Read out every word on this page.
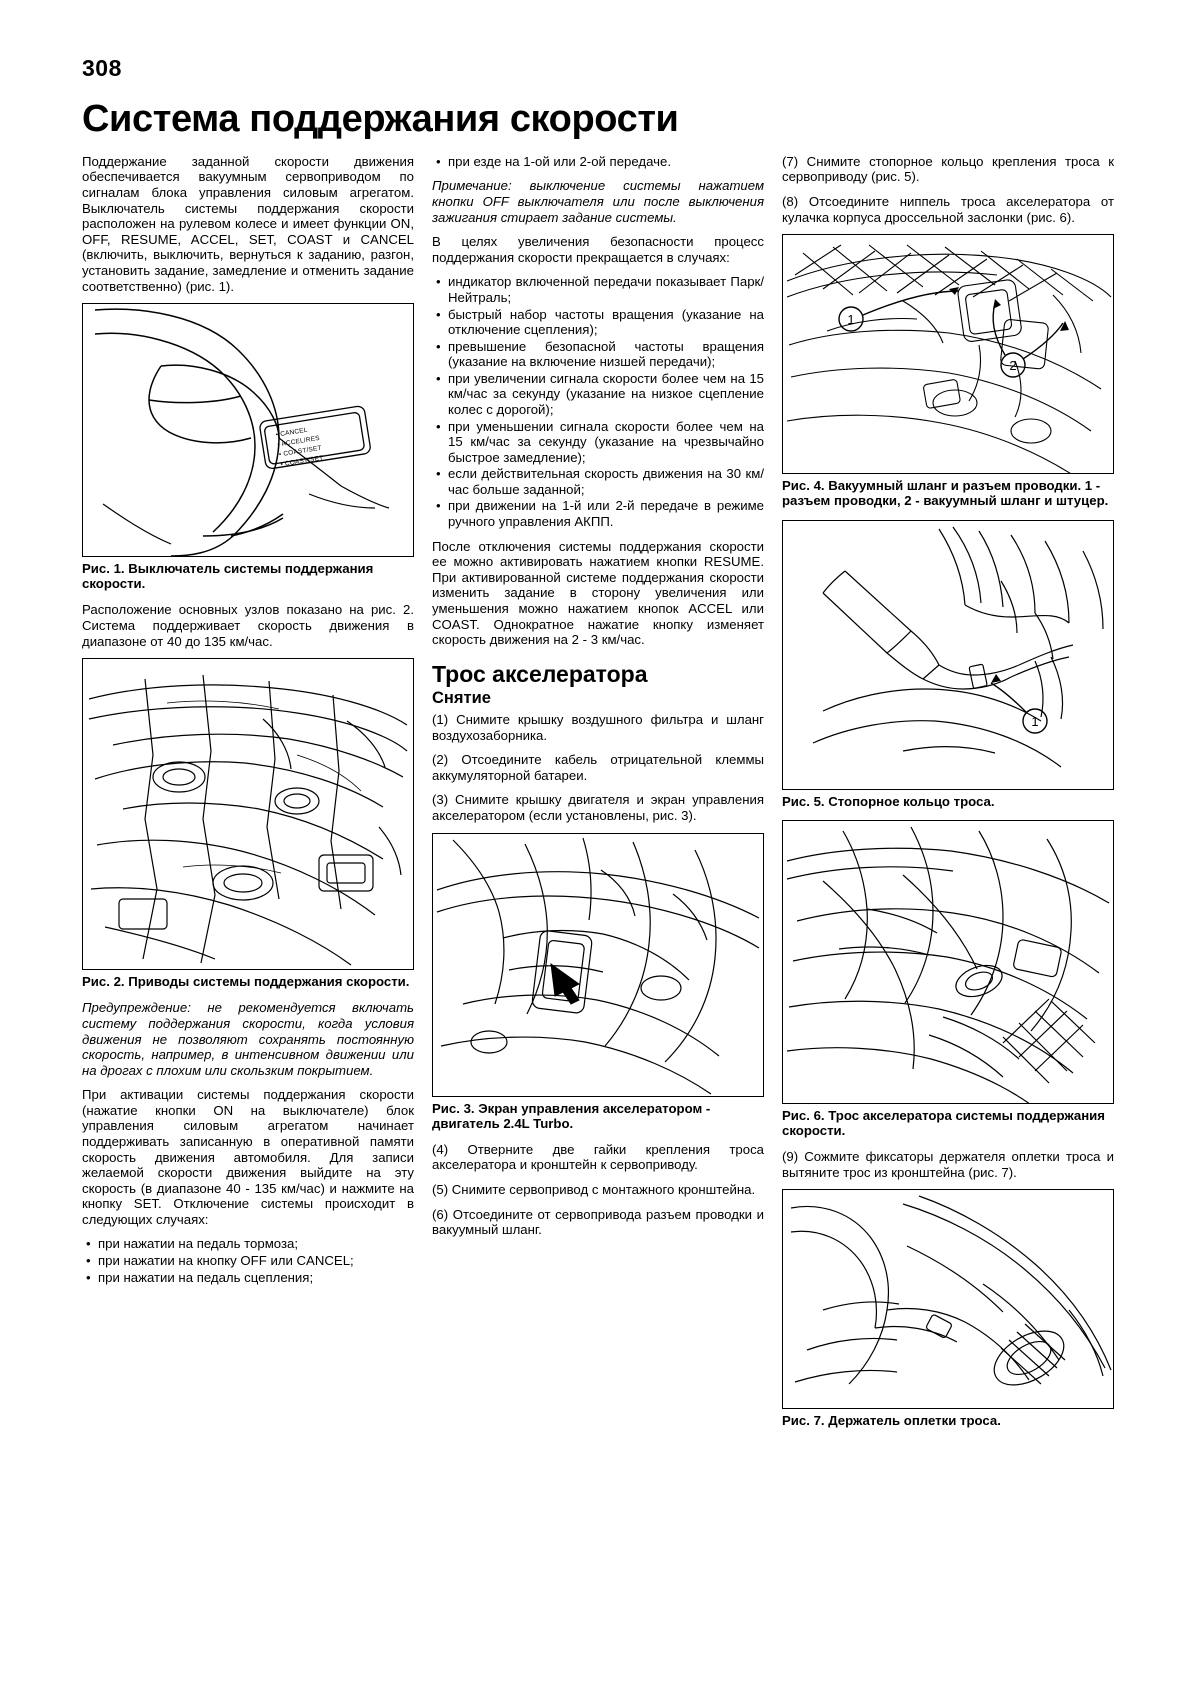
308
Система поддержания скорости

Поддержание заданной скорости движения обеспечивается вакуумным сервоприводом по сигналам блока управления силовым агрегатом. Выключатель системы поддержания скорости расположен на рулевом колесе и имеет функции ON, OFF, RESUME, ACCEL, SET, COAST и CANCEL (включить, выключить, вернуться к заданию, разгон, установить задание, замедление и отменить задание соответственно) (рис. 1).

• CANCEL
• ACCEL/RES
• COAST/SET
• COAST/SET
Рис. 1. Выключатель системы поддержания скорости.

Расположение основных узлов показано на рис. 2. Система поддерживает скорость движения в диапазоне от 40 до 135 км/час.

Рис. 2. Приводы системы поддержания скорости.

Предупреждение: не рекомендуется включать систему поддержания скорости, когда условия движения не позволяют сохранять постоянную скорость, например, в интенсивном движении или на дрогах с плохим или скользким покрытием.

При активации системы поддержания скорости (нажатие кнопки ON на выключателе) блок управления силовым агрегатом начинает поддерживать записанную в оперативной памяти скорость движения автомобиля. Для записи желаемой скорости движения выйдите на эту скорость (в диапазоне 40 - 135 км/час) и нажмите на кнопку SET. Отключение системы происходит в следующих случаях:

• при нажатии на педаль тормоза;
• при нажатии на кнопку OFF или CANCEL;
• при нажатии на педаль сцепления;
• при езде на 1-ой или 2-ой передаче.

Примечание: выключение системы нажатием кнопки OFF выключателя или после выключения зажигания стирает задание системы.

В целях увеличения безопасности процесс поддержания скорости прекращается в случаях:

• индикатор включенной передачи показывает Парк/Нейтраль;
• быстрый набор частоты вращения (указание на отключение сцепления);
• превышение безопасной частоты вращения (указание на включение низшей передачи);
• при увеличении сигнала скорости более чем на 15 км/час за секунду (указание на низкое сцепление колес с дорогой);
• при уменьшении сигнала скорости более чем на 15 км/час за секунду (указание на чрезвычайно быстрое замедление);
• если действительная скорость движения на 30 км/час больше заданной;
• при движении на 1-й или 2-й передаче в режиме ручного управления АКПП.

После отключения системы поддержания скорости ее можно активировать нажатием кнопки RESUME. При активированной системе поддержания скорости изменить задание в сторону увеличения или уменьшения можно нажатием кнопок ACCEL или COAST. Однократное нажатие кнопку изменяет скорость движения на 2 - 3 км/час.

Трос акселератора
Снятие

(1) Снимите крышку воздушного фильтра и шланг воздухозаборника.

(2) Отсоедините кабель отрицательной клеммы аккумуляторной батареи.

(3) Снимите крышку двигателя и экран управления акселератором (если установлены, рис. 3).

Рис. 3. Экран управления акселератором - двигатель 2.4L Turbo.

(4) Отверните две гайки крепления троса акселератора и кронштейн к сервоприводу.

(5) Снимите сервопривод с монтажного кронштейна.

(6) Отсоедините от сервопривода разъем проводки и вакуумный шланг.

(7) Снимите стопорное кольцо крепления троса к сервоприводу (рис. 5).

(8) Отсоедините ниппель троса акселератора от кулачка корпуса дроссельной заслонки (рис. 6).

1
2
Рис. 4. Вакуумный шланг и разъем проводки. 1 - разъем проводки, 2 - вакуумный шланг и штуцер.
1
Рис. 5. Стопорное кольцо троса.
Рис. 6. Трос акселератора системы поддержания скорости.

(9) Сожмите фиксаторы держателя оплетки троса и вытяните трос из кронштейна (рис. 7).

Рис. 7. Держатель оплетки троса.
